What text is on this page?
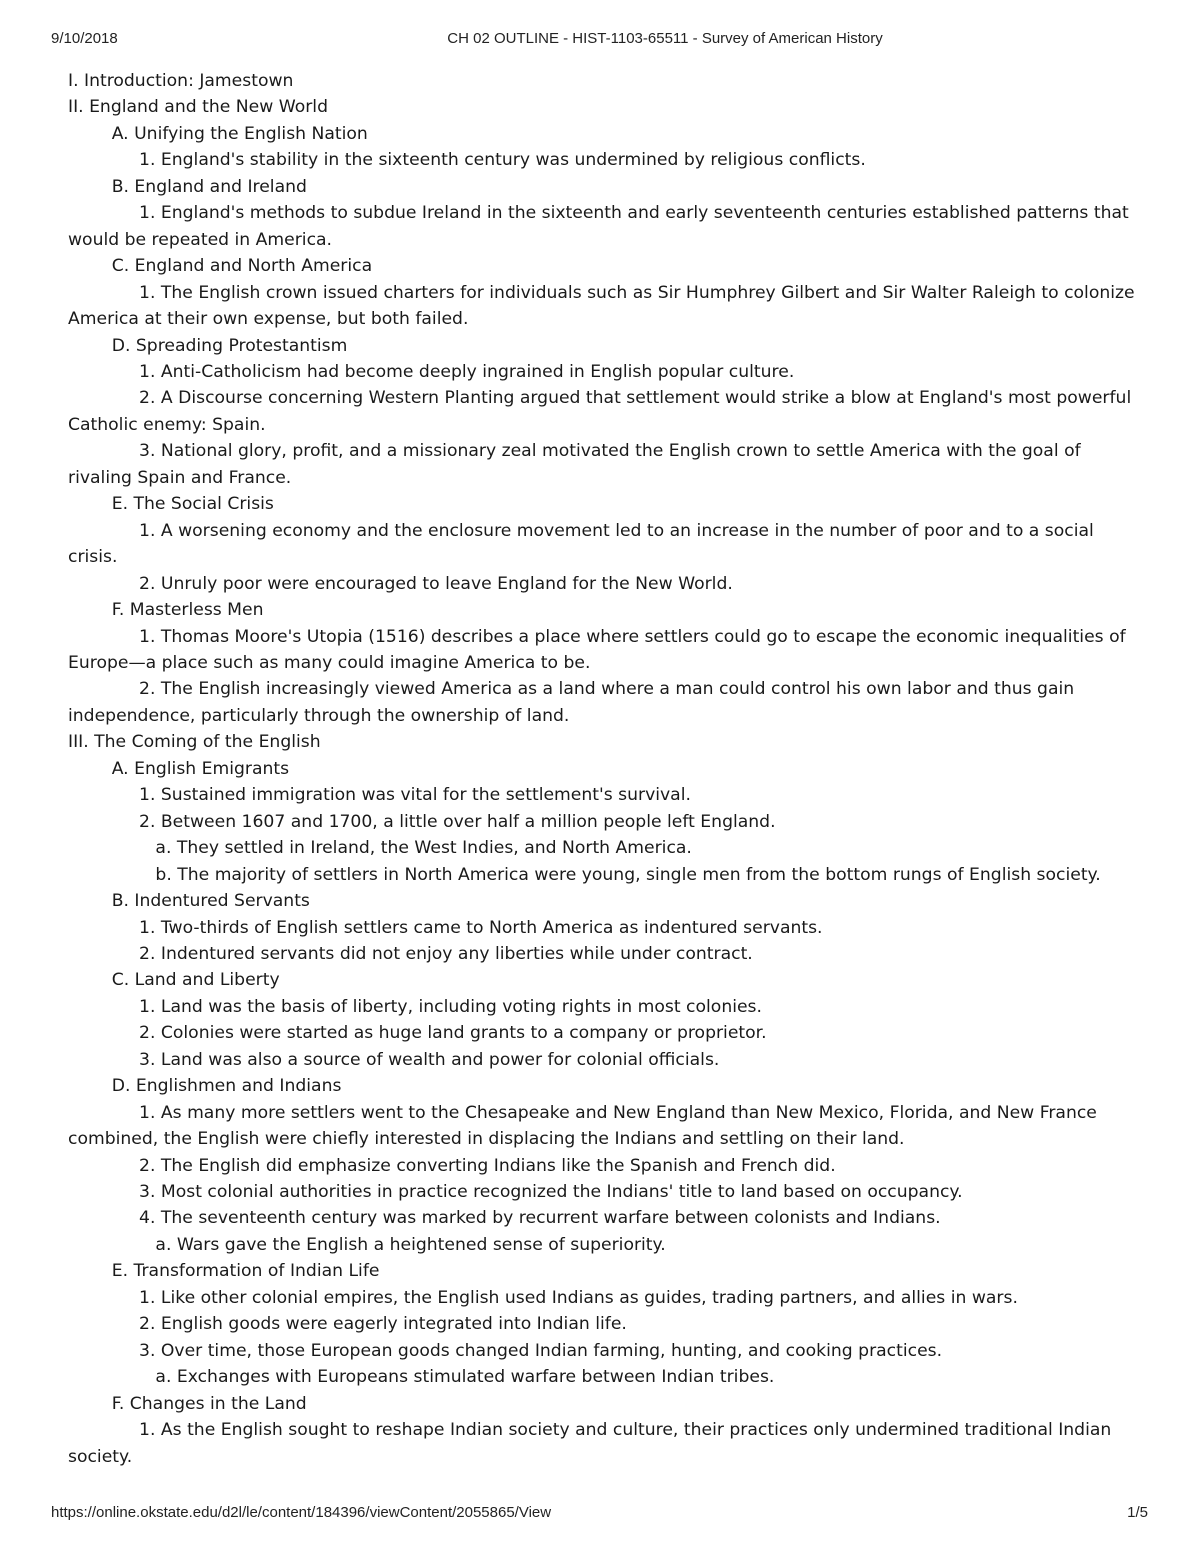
9/10/2018	CH 02 OUTLINE - HIST-1103-65511 - Survey of American History
I. Introduction: Jamestown
II. England and the New World
A. Unifying the English Nation
1. England's stability in the sixteenth century was undermined by religious conflicts.
B. England and Ireland
1. England's methods to subdue Ireland in the sixteenth and early seventeenth centuries established patterns that would be repeated in America.
C. England and North America
1. The English crown issued charters for individuals such as Sir Humphrey Gilbert and Sir Walter Raleigh to colonize America at their own expense, but both failed.
D. Spreading Protestantism
1. Anti-Catholicism had become deeply ingrained in English popular culture.
2. A Discourse concerning Western Planting argued that settlement would strike a blow at England's most powerful Catholic enemy: Spain.
3. National glory, profit, and a missionary zeal motivated the English crown to settle America with the goal of rivaling Spain and France.
E. The Social Crisis
1. A worsening economy and the enclosure movement led to an increase in the number of poor and to a social crisis.
2. Unruly poor were encouraged to leave England for the New World.
F. Masterless Men
1. Thomas Moore's Utopia (1516) describes a place where settlers could go to escape the economic inequalities of Europe—a place such as many could imagine America to be.
2. The English increasingly viewed America as a land where a man could control his own labor and thus gain independence, particularly through the ownership of land.
III. The Coming of the English
A. English Emigrants
1. Sustained immigration was vital for the settlement's survival.
2. Between 1607 and 1700, a little over half a million people left England.
a. They settled in Ireland, the West Indies, and North America.
b. The majority of settlers in North America were young, single men from the bottom rungs of English society.
B. Indentured Servants
1. Two-thirds of English settlers came to North America as indentured servants.
2. Indentured servants did not enjoy any liberties while under contract.
C. Land and Liberty
1. Land was the basis of liberty, including voting rights in most colonies.
2. Colonies were started as huge land grants to a company or proprietor.
3. Land was also a source of wealth and power for colonial officials.
D. Englishmen and Indians
1. As many more settlers went to the Chesapeake and New England than New Mexico, Florida, and New France combined, the English were chiefly interested in displacing the Indians and settling on their land.
2. The English did emphasize converting Indians like the Spanish and French did.
3. Most colonial authorities in practice recognized the Indians' title to land based on occupancy.
4. The seventeenth century was marked by recurrent warfare between colonists and Indians.
a. Wars gave the English a heightened sense of superiority.
E. Transformation of Indian Life
1. Like other colonial empires, the English used Indians as guides, trading partners, and allies in wars.
2. English goods were eagerly integrated into Indian life.
3. Over time, those European goods changed Indian farming, hunting, and cooking practices.
a. Exchanges with Europeans stimulated warfare between Indian tribes.
F. Changes in the Land
1. As the English sought to reshape Indian society and culture, their practices only undermined traditional Indian society.
https://online.okstate.edu/d2l/le/content/184396/viewContent/2055865/View	1/5
